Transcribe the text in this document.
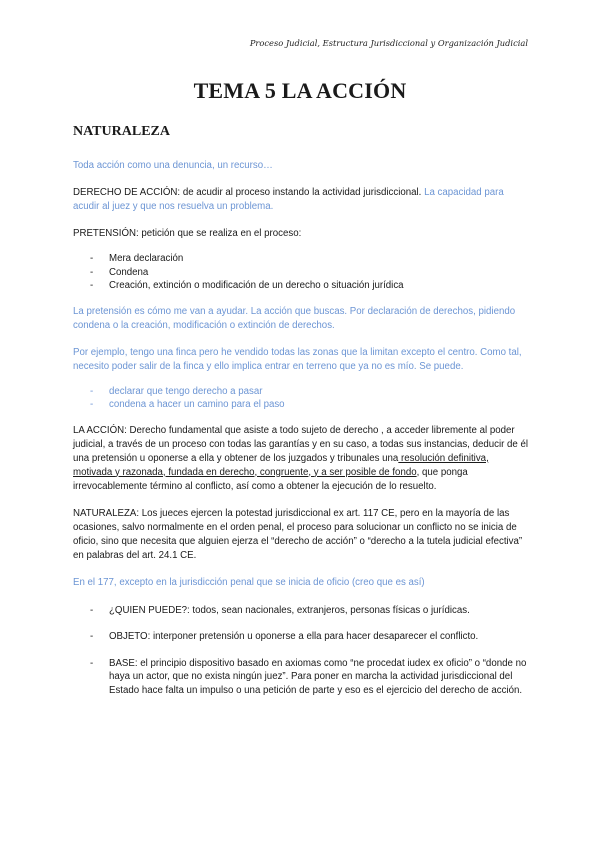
Proceso Judicial, Estructura Jurisdiccional y Organización Judicial
TEMA 5 LA ACCIÓN
NATURALEZA

Toda acción como una denuncia, un recurso…

DERECHO DE ACCIÓN: de acudir al proceso instando la actividad jurisdiccional. La capacidad para acudir al juez y que nos resuelva un problema.

PRETENSIÓN: petición que se realiza en el proceso:

- Mera declaración
- Condena
- Creación, extinción o modificación de un derecho o situación jurídica

La pretensión es cómo me van a ayudar. La acción que buscas. Por declaración de derechos, pidiendo condena o la creación, modificación o extinción de derechos.

Por ejemplo, tengo una finca pero he vendido todas las zonas que la limitan excepto el centro. Como tal, necesito poder salir de la finca y ello implica entrar en terreno que ya no es mío. Se puede.

- declarar que tengo derecho a pasar
- condena a hacer un camino para el paso

LA ACCIÓN: Derecho fundamental que asiste a todo sujeto de derecho , a acceder libremente al poder judicial, a través de un proceso con todas las garantías y en su caso, a todas sus instancias, deducir de él una pretensión u oponerse a ella y obtener de los juzgados y tribunales una resolución definitiva, motivada y razonada, fundada en derecho, congruente, y a ser posible de fondo, que ponga irrevocablemente término al conflicto, así como a obtener la ejecución de lo resuelto.

NATURALEZA: Los jueces ejercen la potestad jurisdiccional ex art. 117 CE, pero en la mayoría de las ocasiones, salvo normalmente en el orden penal, el proceso para solucionar un conflicto no se inicia de oficio, sino que necesita que alguien ejerza el “derecho de acción” o “derecho a la tutela judicial efectiva” en palabras del art. 24.1 CE.

En el 177, excepto en la jurisdicción penal que se inicia de oficio (creo que es así)

- ¿QUIEN PUEDE?: todos, sean nacionales, extranjeros, personas físicas o jurídicas.
- OBJETO: interponer pretensión u oponerse a ella para hacer desaparecer el conflicto.
- BASE: el principio dispositivo basado en axiomas como “ne procedat iudex ex oficio” o “donde no haya un actor, que no exista ningún juez”. Para poner en marcha la actividad jurisdiccional del Estado hace falta un impulso o una petición de parte y eso es el ejercicio del derecho de acción.
